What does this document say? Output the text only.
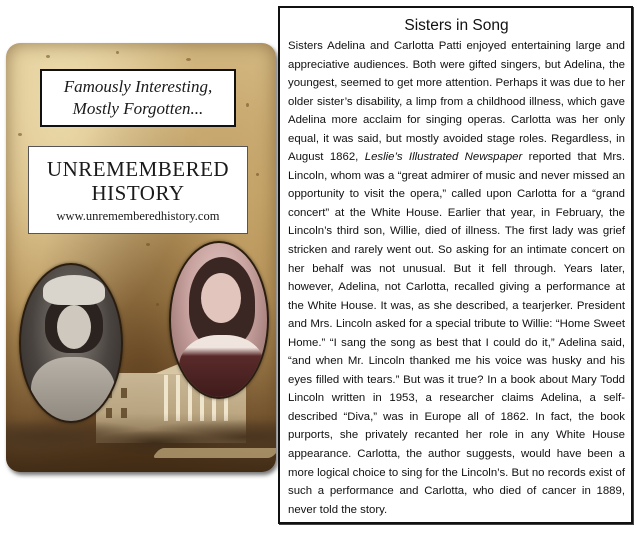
Famously Interesting,
Mostly Forgotten...
UNREMEMBERED
HISTORY
www.unrememberedhistory.com
Sisters in Song
Sisters Adelina and Carlotta Patti enjoyed entertaining large and appreciative audiences. Both were gifted singers, but Adelina, the youngest, seemed to get more attention. Perhaps it was due to her older sister’s disability, a limp from a childhood illness, which gave Adelina more acclaim for singing operas. Carlotta was her only equal, it was said, but mostly avoided stage roles. Regardless, in August 1862, Leslie’s Illustrated Newspaper reported that Mrs. Lincoln, whom was a “great admirer of music and never missed an opportunity to visit the opera,” called upon Carlotta for a “grand concert” at the White House. Earlier that year, in February, the Lincoln’s third son, Willie, died of illness. The first lady was grief stricken and rarely went out. So asking for an intimate concert on her behalf was not unusual. But it fell through. Years later, however, Adelina, not Carlotta, recalled giving a performance at the White House. It was, as she described, a tearjerker. President and Mrs. Lincoln asked for a special tribute to Willie: “Home Sweet Home.” “I sang the song as best that I could do it,” Adelina said, “and when Mr. Lincoln thanked me his voice was husky and his eyes filled with tears.” But was it true? In a book about Mary Todd Lincoln written in 1953, a researcher claims Adelina, a self-described “Diva,” was in Europe all of 1862. In fact, the book purports, she privately recanted her role in any White House appearance. Carlotta, the author suggests, would have been a more logical choice to sing for the Lincoln’s. But no records exist of such a performance and Carlotta, who died of cancer in 1889, never told the story.
